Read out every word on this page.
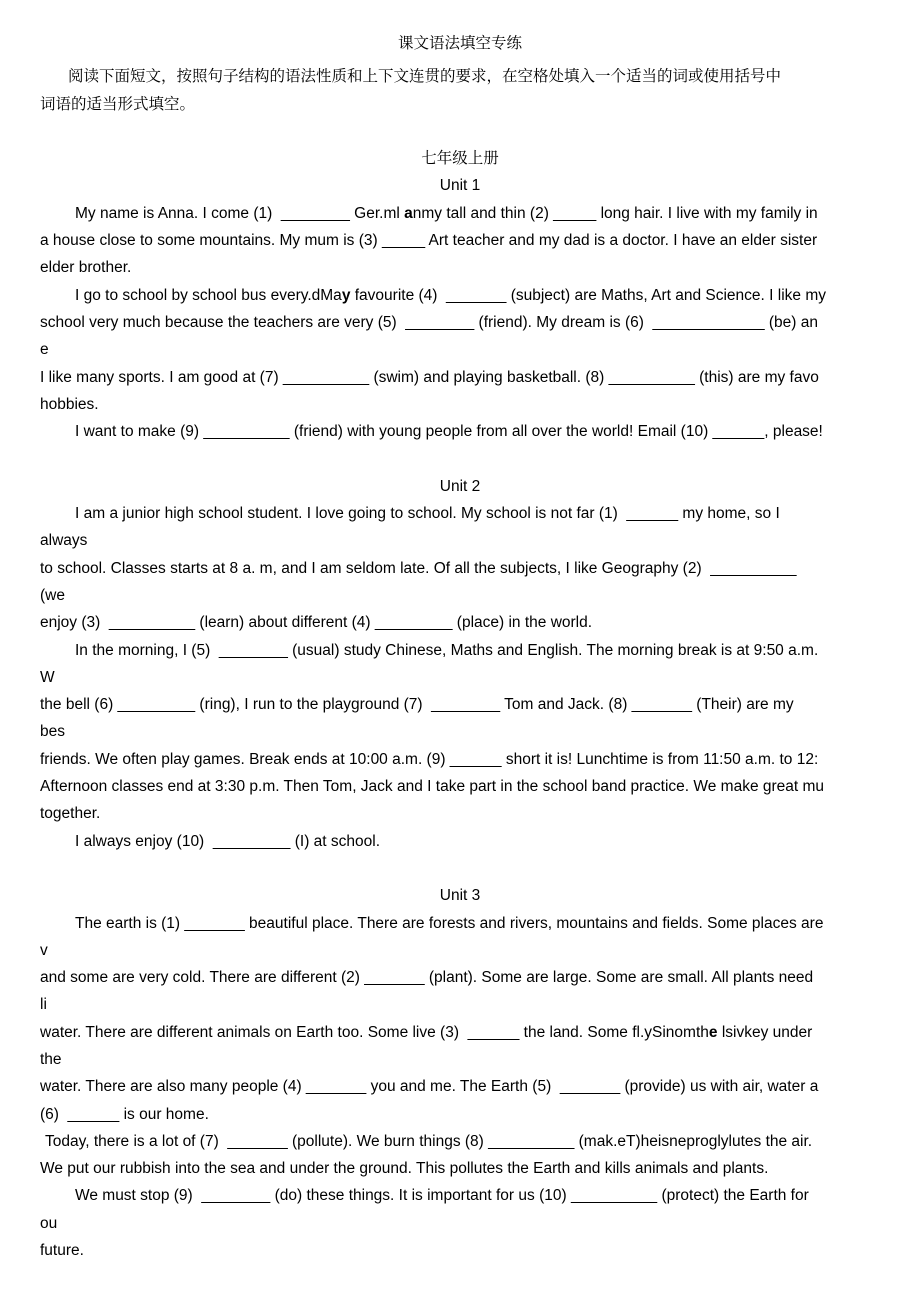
课文语法填空专练
阅读下面短文，按照句子结构的语法性质和上下文连贯的要求，在空格处填入一个适当的词或使用括号中
词语的适当形式填空。
七年级上册
Unit 1
My name is Anna. I come (1)  ________ Ger.ml anmy tall and thin (2) _____ long hair. I live with my family in
a house close to some mountains. My mum is (3) _____ Art teacher and my dad is a doctor. I have an elder sister
elder brother.
I go to school by school bus every.dMay favourite (4)  _______ (subject) are Maths, Art and Science. I like my
school very much because the teachers are very (5)  ________ (friend). My dream is (6)  _____________ (be) an
e
I like many sports. I am good at (7) __________ (swim) and playing basketball. (8) __________ (this) are my favo
hobbies.
I want to make (9) __________ (friend) with young people from all over the world! Email (10) ______, please!
Unit 2
I am a junior high school student. I love going to school. My school is not far (1)  ______ my home, so I
always
to school. Classes starts at 8 a. m, and I am seldom late. Of all the subjects, I like Geography (2)  __________
(we
enjoy (3)  __________ (learn) about different (4) _________ (place) in the world.
In the morning, I (5)  ________ (usual) study Chinese, Maths and English. The morning break is at 9:50 a.m.
W
the bell (6) _________ (ring), I run to the playground (7)  ________ Tom and Jack. (8) _______ (Their) are my
bes
friends. We often play games. Break ends at 10:00 a.m. (9) ______ short it is! Lunchtime is from 11:50 a.m. to 12:
Afternoon classes end at 3:30 p.m. Then Tom, Jack and I take part in the school band practice. We make great mu
together.
I always enjoy (10)  _________ (I) at school.
Unit 3
The earth is (1) _______ beautiful place. There are forests and rivers, mountains and fields. Some places are
v
and some are very cold. There are different (2) _______ (plant). Some are large. Some are small. All plants need
li
water. There are different animals on Earth too. Some live (3)  ______ the land. Some fl.ySinomthe lsivkey under
the
water. There are also many people (4) _______ you and me. The Earth (5)  _______ (provide) us with air, water a
(6)  ______ is our home.
Today, there is a lot of (7)  _______ (pollute). We burn things (8) __________ (mak.eT)heisneproglylutes the air.
We put our rubbish into the sea and under the ground. This pollutes the Earth and kills animals and plants.
We must stop (9)  ________ (do) these things. It is important for us (10) __________ (protect) the Earth for
ou
future.
